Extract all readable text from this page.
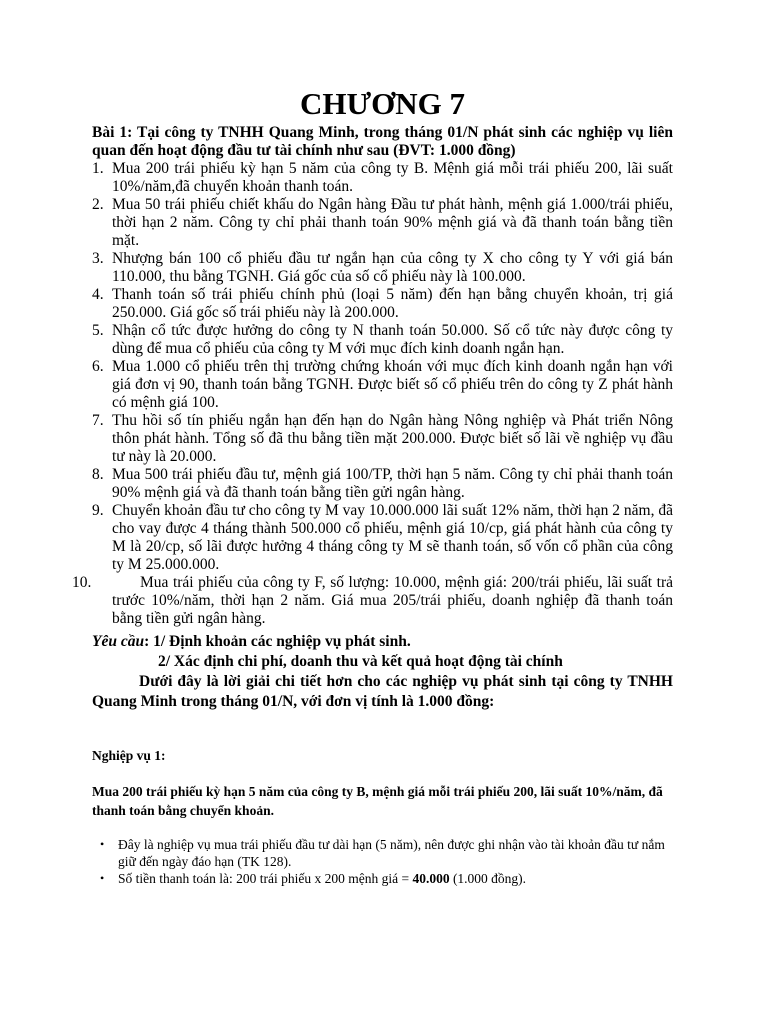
CHƯƠNG 7
Bài 1: Tại công ty TNHH Quang Minh, trong tháng 01/N phát sinh các nghiệp vụ liên quan đến hoạt động đầu tư tài chính như sau (ĐVT: 1.000 đồng)
1. Mua 200 trái phiếu kỳ hạn 5 năm của công ty B. Mệnh giá mỗi trái phiếu 200, lãi suất 10%/năm,đã chuyển khoản thanh toán.
2. Mua 50 trái phiếu chiết khấu do Ngân hàng Đầu tư phát hành, mệnh giá 1.000/trái phiếu, thời hạn 2 năm. Công ty chỉ phải thanh toán 90% mệnh giá và đã thanh toán bằng tiền mặt.
3. Nhượng bán 100 cổ phiếu đầu tư ngắn hạn của công ty X cho công ty Y với giá bán 110.000, thu bằng TGNH. Giá gốc của số cổ phiếu này là 100.000.
4. Thanh toán số trái phiếu chính phủ (loại 5 năm) đến hạn bằng chuyển khoản, trị giá 250.000. Giá gốc số trái phiếu này là 200.000.
5. Nhận cổ tức được hưởng do công ty N thanh toán 50.000. Số cổ tức này được công ty dùng để mua cổ phiếu của công ty M với mục đích kinh doanh ngắn hạn.
6. Mua 1.000 cổ phiếu trên thị trường chứng khoán với mục đích kinh doanh ngắn hạn với giá đơn vị 90, thanh toán bằng TGNH. Được biết số cổ phiếu trên do công ty Z phát hành có mệnh giá 100.
7. Thu hồi số tín phiếu ngắn hạn đến hạn do Ngân hàng Nông nghiệp và Phát triển Nông thôn phát hành. Tổng số đã thu bằng tiền mặt 200.000. Được biết số lãi về nghiệp vụ đầu tư này là 20.000.
8. Mua 500 trái phiếu đầu tư, mệnh giá 100/TP, thời hạn 5 năm. Công ty chỉ phải thanh toán 90% mệnh giá và đã thanh toán bằng tiền gửi ngân hàng.
9. Chuyển khoản đầu tư cho công ty M vay 10.000.000 lãi suất 12% năm, thời hạn 2 năm, đã cho vay được 4 tháng thành 500.000 cổ phiếu, mệnh giá 10/cp, giá phát hành của công ty M là 20/cp, số lãi được hưởng 4 tháng công ty M sẽ thanh toán, số vốn cổ phần của công ty M 25.000.000.
10.	Mua trái phiếu của công ty F, số lượng: 10.000, mệnh giá: 200/trái phiếu, lãi suất trả trước 10%/năm, thời hạn 2 năm. Giá mua 205/trái phiếu, doanh nghiệp đã thanh toán bằng tiền gửi ngân hàng.
Yêu cầu: 1/ Định khoản các nghiệp vụ phát sinh.
2/ Xác định chi phí, doanh thu và kết quả hoạt động tài chính
Dưới đây là lời giải chi tiết hơn cho các nghiệp vụ phát sinh tại công ty TNHH Quang Minh trong tháng 01/N, với đơn vị tính là 1.000 đồng:
Nghiệp vụ 1:
Mua 200 trái phiếu kỳ hạn 5 năm của công ty B, mệnh giá mỗi trái phiếu 200, lãi suất 10%/năm, đã thanh toán bằng chuyển khoản.
• Đây là nghiệp vụ mua trái phiếu đầu tư dài hạn (5 năm), nên được ghi nhận vào tài khoản đầu tư nắm giữ đến ngày đáo hạn (TK 128).
• Số tiền thanh toán là: 200 trái phiếu x 200 mệnh giá = 40.000 (1.000 đồng).
